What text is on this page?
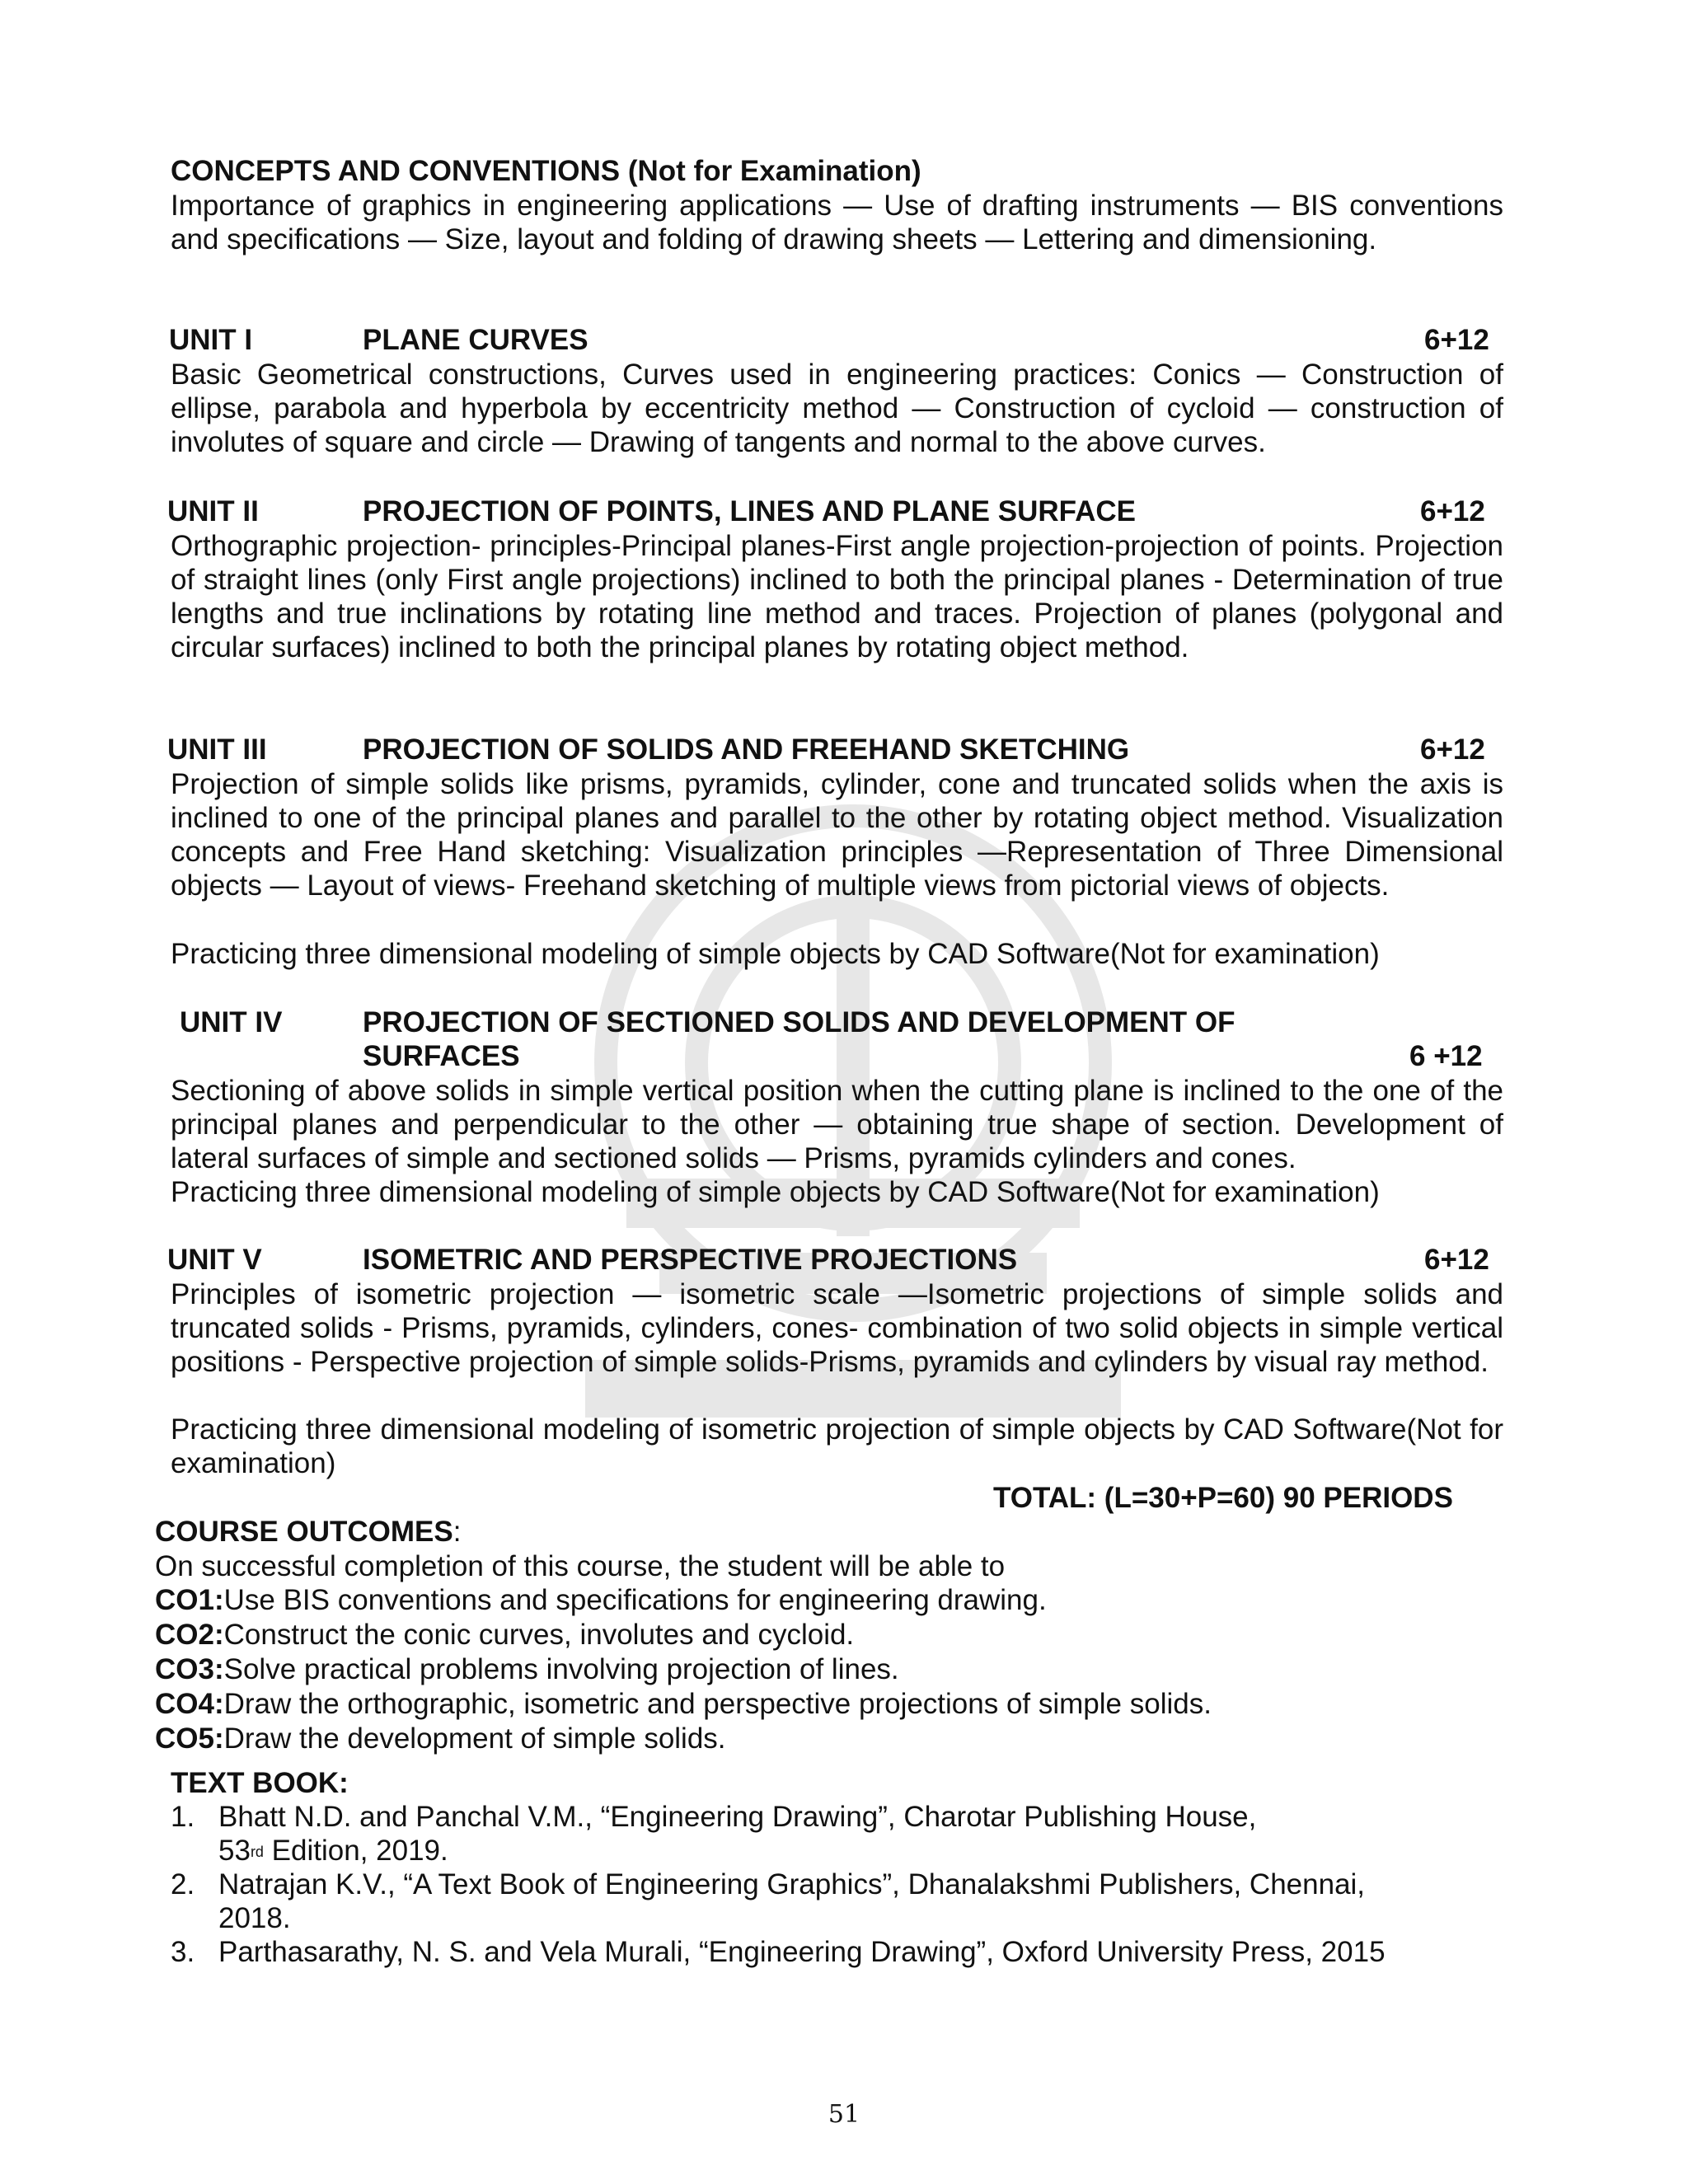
CONCEPTS AND CONVENTIONS (Not for Examination)
Importance of graphics in engineering applications — Use of drafting instruments — BIS conventions and specifications — Size, layout and folding of drawing sheets — Lettering and dimensioning.
UNIT I	PLANE CURVES	6+12
Basic Geometrical constructions, Curves used in engineering practices: Conics — Construction of ellipse, parabola and hyperbola by eccentricity method — Construction of cycloid — construction of involutes of square and circle — Drawing of tangents and normal to the above curves.
UNIT II	PROJECTION OF POINTS, LINES AND PLANE SURFACE	6+12
Orthographic projection- principles-Principal planes-First angle projection-projection of points. Projection of straight lines (only First angle projections) inclined to both the principal planes - Determination of true lengths and true inclinations by rotating line method and traces. Projection of planes (polygonal and circular surfaces) inclined to both the principal planes by rotating object method.
UNIT III	PROJECTION OF SOLIDS AND FREEHAND SKETCHING	6+12
Projection of simple solids like prisms, pyramids, cylinder, cone and truncated solids when the axis is inclined to one of the principal planes and parallel to the other by rotating object method. Visualization concepts and Free Hand sketching: Visualization principles —Representation of Three Dimensional objects — Layout of views- Freehand sketching of multiple views from pictorial views of objects.
Practicing three dimensional modeling of simple objects by CAD Software(Not for examination)
UNIT IV	PROJECTION OF SECTIONED SOLIDS AND DEVELOPMENT OF
SURFACES	6 +12
Sectioning of above solids in simple vertical position when the cutting plane is inclined to the one of the principal planes and perpendicular to the other — obtaining true shape of section. Development of lateral surfaces of simple and sectioned solids — Prisms, pyramids cylinders and cones.
Practicing three dimensional modeling of simple objects by CAD Software(Not for examination)
UNIT V	ISOMETRIC AND PERSPECTIVE PROJECTIONS	6+12
Principles of isometric projection — isometric scale —Isometric projections of simple solids and truncated solids - Prisms, pyramids, cylinders, cones- combination of two solid objects in simple vertical positions - Perspective projection of simple solids-Prisms, pyramids and cylinders by visual ray method.
Practicing three dimensional modeling of isometric projection of simple objects by CAD Software(Not for examination)
TOTAL: (L=30+P=60) 90 PERIODS
COURSE OUTCOMES:
On successful completion of this course, the student will be able to
CO1:Use BIS conventions and specifications for engineering drawing.
CO2:Construct the conic curves, involutes and cycloid.
CO3:Solve practical problems involving projection of lines.
CO4:Draw the orthographic, isometric and perspective projections of simple solids.
CO5:Draw the development of simple solids.
TEXT BOOK:
1. Bhatt N.D. and Panchal V.M., “Engineering Drawing”, Charotar Publishing House,
53rd Edition, 2019.
2. Natrajan K.V., “A Text Book of Engineering Graphics”, Dhanalakshmi Publishers, Chennai,
2018.
3. Parthasarathy, N. S. and Vela Murali, “Engineering Drawing”, Oxford University Press, 2015
51
